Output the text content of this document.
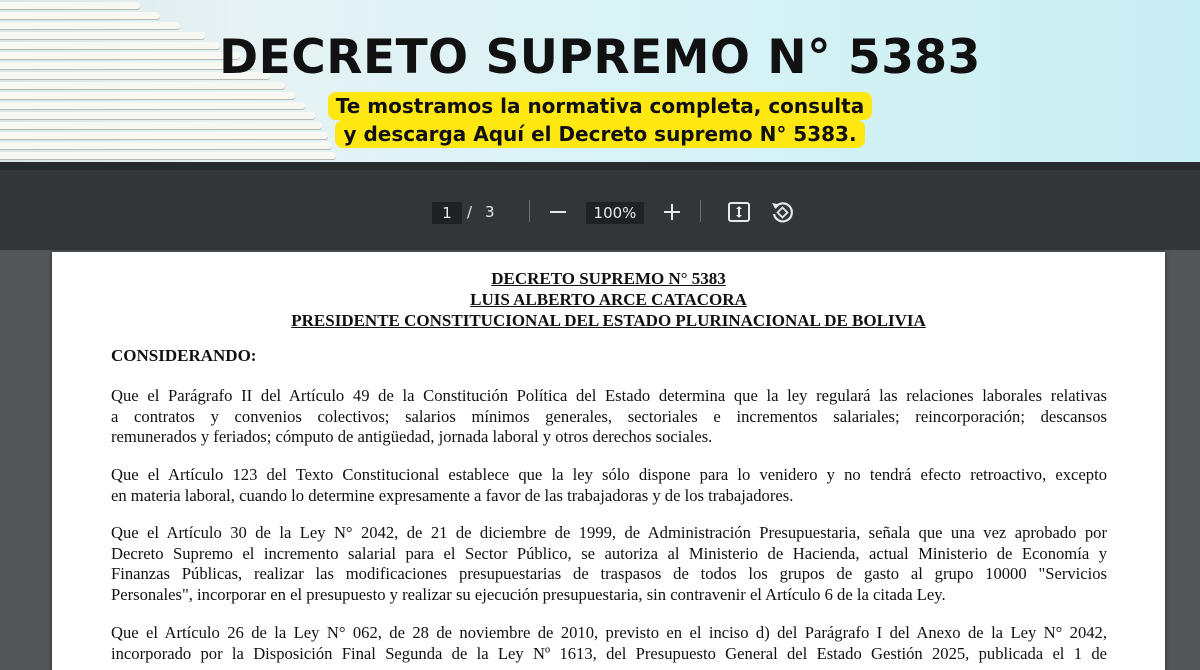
DECRETO SUPREMO N° 5383
Te mostramos la normativa completa, consulta
y descarga Aquí el Decreto supremo N° 5383.
1
/ 3	100%
DECRETO SUPREMO N° 5383
LUIS ALBERTO ARCE CATACORA
PRESIDENTE CONSTITUCIONAL DEL ESTADO PLURINACIONAL DE BOLIVIA
CONSIDERANDO:
Que el Parágrafo II del Artículo 49 de la Constitución Política del Estado determina que la ley regulará las relaciones laborales relativas
a contratos y convenios colectivos; salarios mínimos generales, sectoriales e incrementos salariales; reincorporación; descansos
remunerados y feriados; cómputo de antigüedad, jornada laboral y otros derechos sociales.
Que el Artículo 123 del Texto Constitucional establece que la ley sólo dispone para lo venidero y no tendrá efecto retroactivo, excepto
en materia laboral, cuando lo determine expresamente a favor de las trabajadoras y de los trabajadores.
Que el Artículo 30 de la Ley N° 2042, de 21 de diciembre de 1999, de Administración Presupuestaria, señala que una vez aprobado por
Decreto Supremo el incremento salarial para el Sector Público, se autoriza al Ministerio de Hacienda, actual Ministerio de Economía y
Finanzas Públicas, realizar las modificaciones presupuestarias de traspasos de todos los grupos de gasto al grupo 10000 "Servicios
Personales", incorporar en el presupuesto y realizar su ejecución presupuestaria, sin contravenir el Artículo 6 de la citada Ley.
Que el Artículo 26 de la Ley N° 062, de 28 de noviembre de 2010, previsto en el inciso d) del Parágrafo I del Anexo de la Ley N° 2042,
incorporado por la Disposición Final Segunda de la Ley Nº 1613, del Presupuesto General del Estado Gestión 2025, publicada el 1 de
